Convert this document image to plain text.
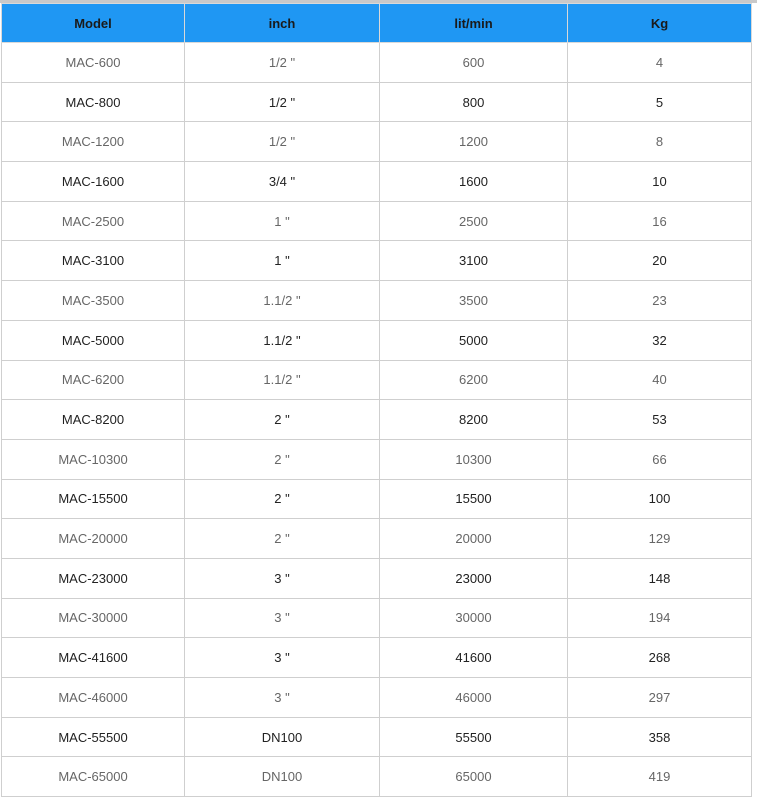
Model	inch	lit/min	Kg
MAC-600	1/2 "	600	4
MAC-800	1/2 "	800	5
MAC-1200	1/2 "	1200	8
MAC-1600	3/4 "	1600	10
MAC-2500	1 "	2500	16
MAC-3100	1 "	3100	20
MAC-3500	1.1/2 "	3500	23
MAC-5000	1.1/2 "	5000	32
MAC-6200	1.1/2 "	6200	40
MAC-8200	2 "	8200	53
MAC-10300	2 "	10300	66
MAC-15500	2 "	15500	100
MAC-20000	2 "	20000	129
MAC-23000	3 "	23000	148
MAC-30000	3 "	30000	194
MAC-41600	3 "	41600	268
MAC-46000	3 "	46000	297
MAC-55500	DN100	55500	358
MAC-65000	DN100	65000	419
